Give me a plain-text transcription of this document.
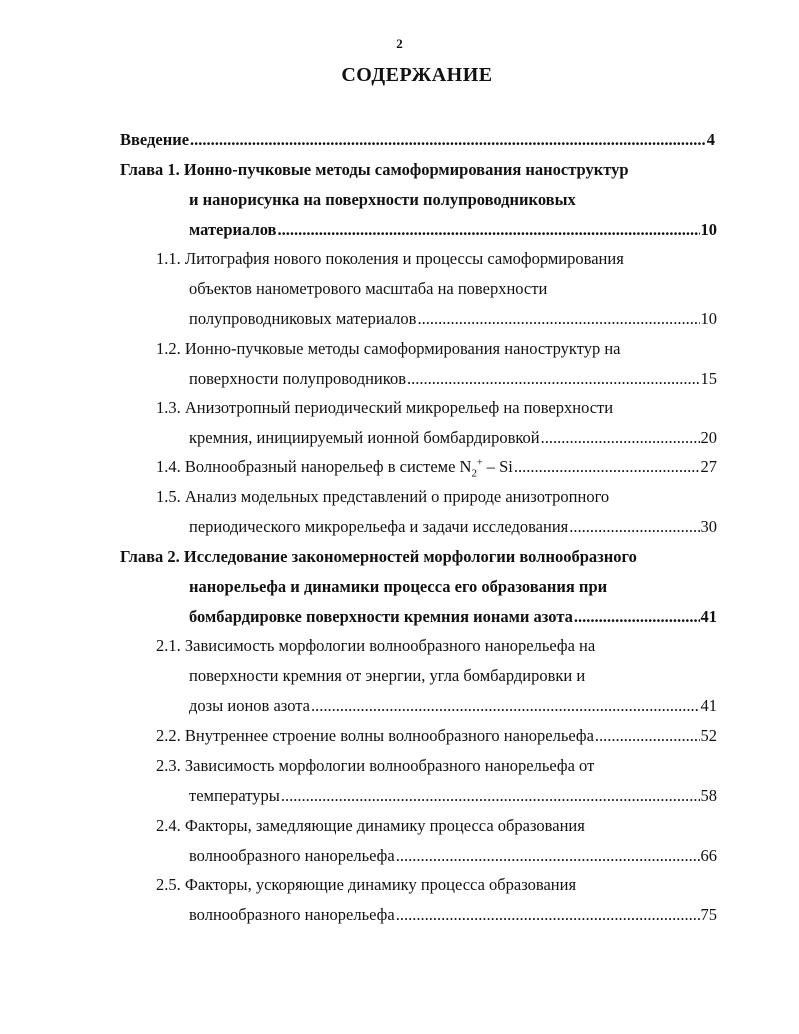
2
СОДЕРЖАНИЕ
Введение .....	4
Глава 1. Ионно-пучковые методы самоформирования наноструктур
и нанорисунка на поверхности полупроводниковых
материалов .....	10
1.1. Литография нового поколения и процессы самоформирования
объектов нанометрового масштаба на поверхности
полупроводниковых материалов .....	10
1.2. Ионно-пучковые методы самоформирования наноструктур на
поверхности полупроводников .....	15
1.3. Анизотропный периодический микрорельеф на поверхности
кремния, инициируемый ионной бомбардировкой .....	20
1.4. Волнообразный нанорельеф в системе $N_2^+$ – Si .....	27
1.5. Анализ модельных представлений о природе анизотропного
периодического микрорельефа и задачи исследования .....	30
Глава 2. Исследование закономерностей морфологии волнообразного
нанорельефа и динамики процесса его образования при
бомбардировке поверхности кремния ионами азота .....	41
2.1. Зависимость морфологии волнообразного нанорельефа на
поверхности кремния от энергии, угла бомбардировки и
дозы ионов азота .....	41
2.2. Внутреннее строение волны волнообразного нанорельефа .....	52
2.3. Зависимость морфологии волнообразного нанорельефа от
температуры .....	58
2.4. Факторы, замедляющие динамику процесса образования
волнообразного нанорельефа .....	66
2.5. Факторы, ускоряющие динамику процесса образования
волнообразного нанорельефа .....	75
